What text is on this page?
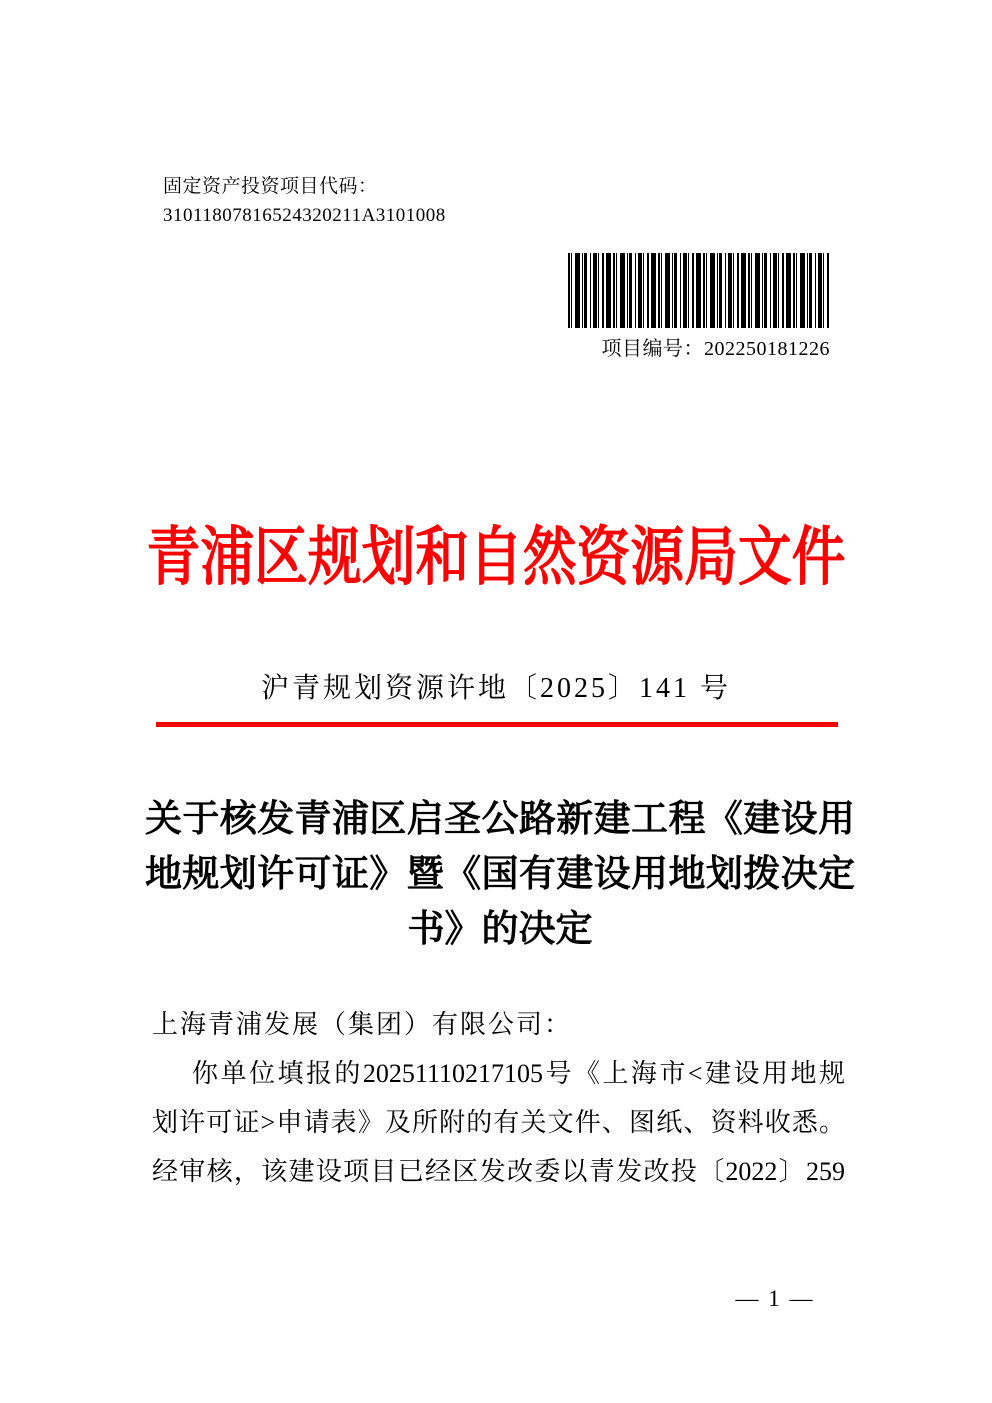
固定资产投资项目代码：
31011807816524320211A3101008
项目编号：202250181226
青浦区规划和自然资源局文件
沪青规划资源许地〔2025〕141 号
关于核发青浦区启圣公路新建工程《建设用
地规划许可证》暨《国有建设用地划拨决定
书》的决定
上海青浦发展（集团）有限公司：
你单位填报的20251110217105号《上海市<建设用地规
划许可证>申请表》及所附的有关文件、图纸、资料收悉。
经审核，该建设项目已经区发改委以青发改投〔2022〕259
— 1 —
